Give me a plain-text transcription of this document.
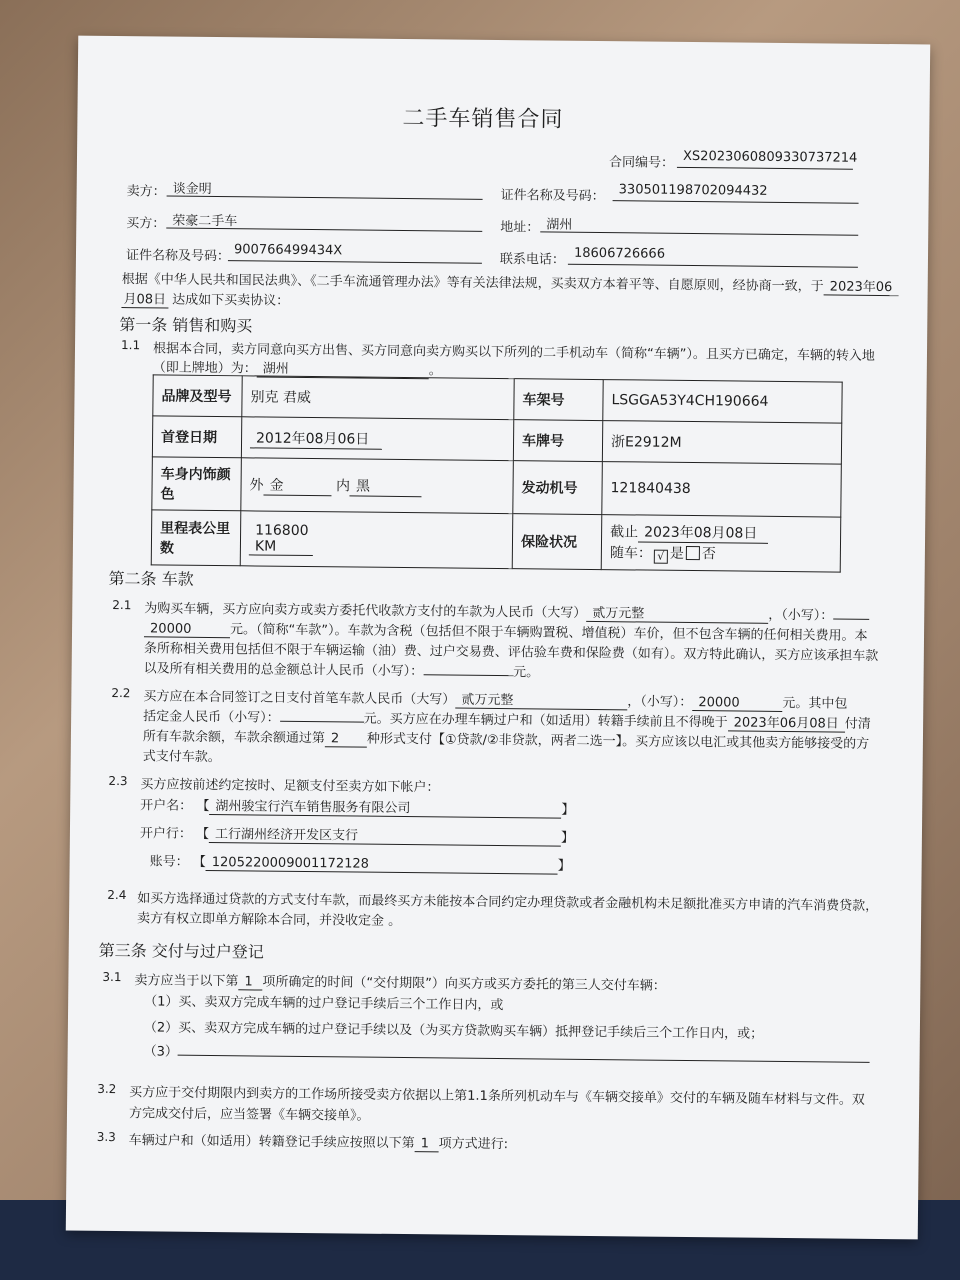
二手车销售合同
合同编号： XS2023060809330737214
卖方： 谈金明	证件名称及号码：	330501198702094432
买方： 荣豪二手车	地址： 湖州
证件名称及号码： 900766499434X
联系电话： 18606726666
根据《中华人民共和国民法典》、《二手车流通管理办法》等有关法律法规，买卖双方本着平等、自愿原则，经协商一致，于 2023年06
月08日 达成如下买卖协议：
第一条 销售和购买
1.1 根据本合同，卖方同意向买方出售、买方同意向卖方购买以下所列的二手机动车（简称“车辆”）。且买方已确定，车辆的转入地
（即上牌地）为： 湖州	。
品牌及型号	别克 君威	车架号	LSGGA53Y4CH190664
首登日期	2012年08月06日	车牌号	浙E2912M
车身内饰颜色	外 金 内 黑	发动机号	121840438
里程表公里数	116800 KM	保险状况	截止 2023年08月08日
随车： √ 是 否
第二条 车款
2.1 为购买车辆，买方应向卖方或卖方委托代收款方支付的车款为人民币（大写） 贰万元整	，（小写）：
20000	元。（简称“车款”）。车款为含税（包括但不限于车辆购置税、增值税）车价，但不包含车辆的任何相关费用。本
条所称相关费用包括但不限于车辆运输（油）费、过户交易费、评估验车费和保险费（如有）。双方特此确认，买方应该承担车款
以及所有相关费用的总金额总计人民币（小写）：	元。
2.2 买方应在本合同签订之日支付首笔车款人民币（大写） 贰万元整	，（小写）： 20000	元。其中包
括定金人民币（小写）：	元。买方应在办理车辆过户和（如适用）转籍手续前且不得晚于 2023年06月08日 付清
所有车款余额，车款余额通过第 2 种形式支付【①贷款/②非贷款，两者二选一】。买方应该以电汇或其他卖方能够接受的方
式支付车款。
2.3 买方应按前述约定按时、足额支付至卖方如下帐户：
开户名： 【 湖州骏宝行汽车销售服务有限公司	】
开户行： 【 工行湖州经济开发区支行	】
账号： 【 1205220009001172128	】
2.4 如买方选择通过贷款的方式支付车款，而最终买方未能按本合同约定办理贷款或者金融机构未足额批准买方申请的汽车消费贷款，
卖方有权立即单方解除本合同，并没收定金 。
第三条 交付与过户登记
3.1 卖方应当于以下第 1 项所确定的时间（“交付期限”）向买方或买方委托的第三人交付车辆：
（1）买、卖双方完成车辆的过户登记手续后三个工作日内，或
（2）买、卖双方完成车辆的过户登记手续以及（为买方贷款购买车辆）抵押登记手续后三个工作日内，或；
（3）
3.2 买方应于交付期限内到卖方的工作场所接受卖方依据以上第1.1条所列机动车与《车辆交接单》交付的车辆及随车材料与文件。双
方完成交付后，应当签署《车辆交接单》。
3.3 车辆过户和（如适用）转籍登记手续应按照以下第 1 项方式进行:
